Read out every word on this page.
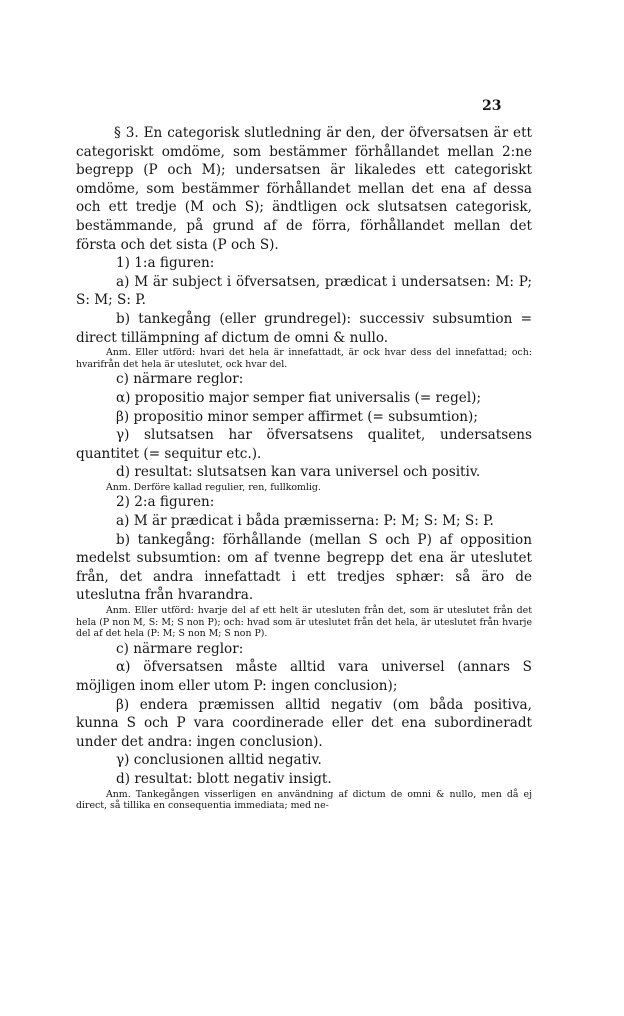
23

§ 3. En categorisk slutledning är den, der öfversatsen är ett categoriskt omdöme, som bestämmer förhållandet mellan 2:ne begrepp (P och M); undersatsen är likaledes ett categoriskt omdöme, som bestämmer förhållandet mellan det ena af dessa och ett tredje (M och S); ändtligen ock slutsatsen categorisk, bestämmande, på grund af de förra, förhållandet mellan det första och det sista (P och S).

1) 1:a figuren:

a) M är subject i öfversatsen, prædicat i undersatsen: M: P; S: M; S: P.

b) tankegång (eller grundregel): successiv subsumtion = direct tillämpning af dictum de omni & nullo.

Anm. Eller utförd: hvari det hela är innefattadt, är ock hvar dess del innefattad; och: hvarifrån det hela är uteslutet, ock hvar del.

c) närmare reglor:

α) propositio major semper fiat universalis (= regel);

β) propositio minor semper affirmet (= subsumtion);

γ) slutsatsen har öfversatsens qualitet, undersatsens quantitet (= sequitur etc.).

d) resultat: slutsatsen kan vara universel och positiv.

Anm. Derföre kallad regulier, ren, fullkomlig.

2) 2:a figuren:

a) M är prædicat i båda præmisserna: P: M; S: M; S: P.

b) tankegång: förhållande (mellan S och P) af opposition medelst subsumtion: om af tvenne begrepp det ena är uteslutet från, det andra innefattadt i ett tredjes sphær: så äro de uteslutna från hvarandra.

Anm. Eller utförd: hvarje del af ett helt är utesluten från det, som är uteslutet från det hela (P non M, S: M; S non P); och: hvad som är uteslutet från det hela, är uteslutet från hvarje del af det hela (P: M; S non M; S non P).

c) närmare reglor:

α) öfversatsen måste alltid vara universel (annars S möjligen inom eller utom P: ingen conclusion);

β) endera præmissen alltid negativ (om båda positiva, kunna S och P vara coordinerade eller det ena subordineradt under det andra: ingen conclusion).

γ) conclusionen alltid negativ.

d) resultat: blott negativ insigt.

Anm. Tankegången visserligen en användning af dictum de omni & nullo, men då ej direct, så tillika en consequentia immediata; med ne-
